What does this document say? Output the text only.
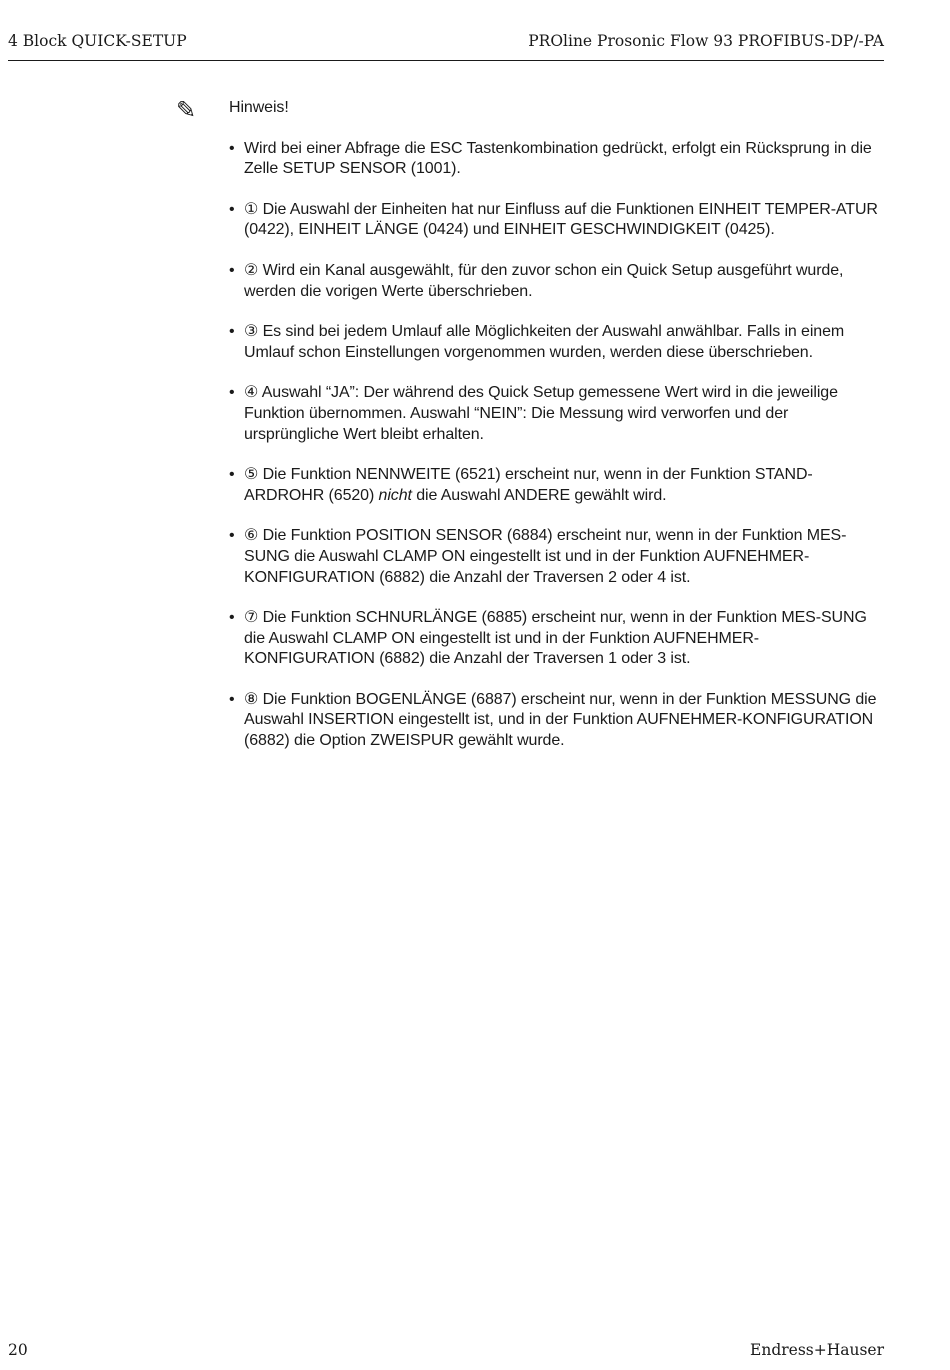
4 Block QUICK-SETUP	PROline Prosonic Flow 93 PROFIBUS-DP/-PA
✎ Hinweis!
• Wird bei einer Abfrage die ESC Tastenkombination gedrückt, erfolgt ein Rücksprung in die Zelle SETUP SENSOR (1001).
• ① Die Auswahl der Einheiten hat nur Einfluss auf die Funktionen EINHEIT TEMPER-ATUR (0422), EINHEIT LÄNGE (0424) und EINHEIT GESCHWINDIGKEIT (0425).
• ② Wird ein Kanal ausgewählt, für den zuvor schon ein Quick Setup ausgeführt wurde, werden die vorigen Werte überschrieben.
• ③ Es sind bei jedem Umlauf alle Möglichkeiten der Auswahl anwählbar. Falls in einem Umlauf schon Einstellungen vorgenommen wurden, werden diese überschrieben.
• ④ Auswahl “JA”: Der während des Quick Setup gemessene Wert wird in die jeweilige Funktion übernommen. Auswahl “NEIN”: Die Messung wird verworfen und der ursprüngliche Wert bleibt erhalten.
• ⑤ Die Funktion NENNWEITE (6521) erscheint nur, wenn in der Funktion STAND-ARDROHR (6520) nicht die Auswahl ANDERE gewählt wird.
• ⑥ Die Funktion POSITION SENSOR (6884) erscheint nur, wenn in der Funktion MES-SUNG die Auswahl CLAMP ON eingestellt ist und in der Funktion AUFNEHMER-KONFIGURATION (6882) die Anzahl der Traversen 2 oder 4 ist.
• ⑦ Die Funktion SCHNURLÄNGE (6885) erscheint nur, wenn in der Funktion MES-SUNG die Auswahl CLAMP ON eingestellt ist und in der Funktion AUFNEHMER-KONFIGURATION (6882) die Anzahl der Traversen 1 oder 3 ist.
• ⑧ Die Funktion BOGENLÄNGE (6887) erscheint nur, wenn in der Funktion MESSUNG die Auswahl INSERTION eingestellt ist, und in der Funktion AUFNEHMER-KONFIGURATION (6882) die Option ZWEISPUR gewählt wurde.
20	Endress+Hauser
